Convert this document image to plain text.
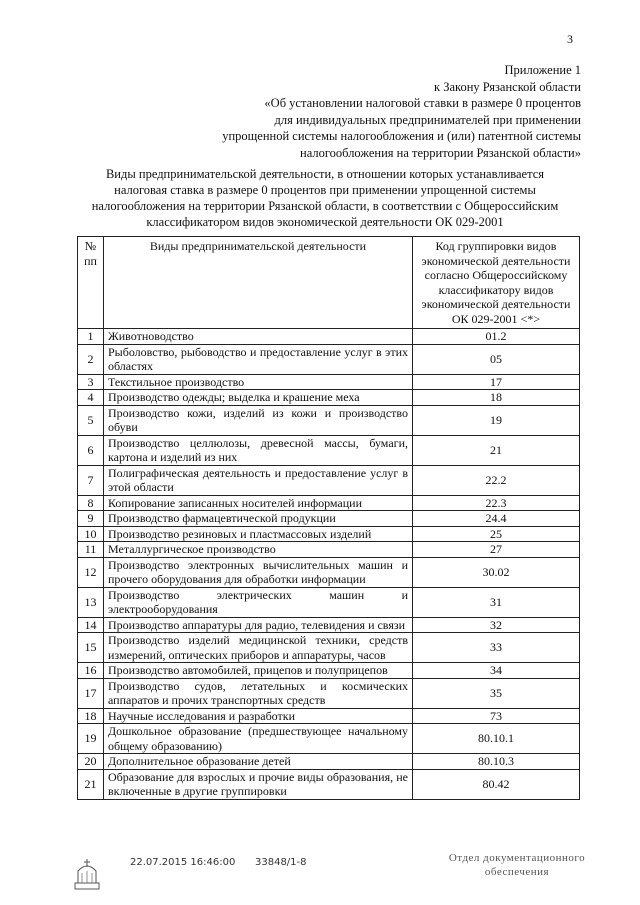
3
Приложение 1
к Закону Рязанской области
«Об установлении налоговой ставки в размере 0 процентов
для индивидуальных предпринимателей при применении
упрощенной системы налогообложения и (или) патентной системы
налогообложения на территории Рязанской области»
Виды предпринимательской деятельности, в отношении которых устанавливается
налоговая ставка в размере 0 процентов при применении упрощенной системы
налогообложения на территории Рязанской области, в соответствии с Общероссийским
классификатором видов экономической деятельности ОК 029-2001
№ пп	Виды предпринимательской деятельности	Код группировки видов экономической деятельности согласно Общероссийскому классификатору видов экономической деятельности ОК 029-2001 <*>
1	Животноводство	01.2
2	Рыболовство, рыбоводство и предоставление услуг в этих областях	05
3	Текстильное производство	17
4	Производство одежды; выделка и крашение меха	18
5	Производство кожи, изделий из кожи и производство обуви	19
6	Производство целлюлозы, древесной массы, бумаги, картона и изделий из них	21
7	Полиграфическая деятельность и предоставление услуг в этой области	22.2
8	Копирование записанных носителей информации	22.3
9	Производство фармацевтической продукции	24.4
10	Производство резиновых и пластмассовых изделий	25
11	Металлургическое производство	27
12	Производство электронных вычислительных машин и прочего оборудования для обработки информации	30.02
13	Производство электрических машин и электрооборудования	31
14	Производство аппаратуры для радио, телевидения и связи	32
15	Производство изделий медицинской техники, средств измерений, оптических приборов и аппаратуры, часов	33
16	Производство автомобилей, прицепов и полуприцепов	34
17	Производство судов, летательных и космических аппаратов и прочих транспортных средств	35
18	Научные исследования и разработки	73
19	Дошкольное образование (предшествующее начальному общему образованию)	80.10.1
20	Дополнительное образование детей	80.10.3
21	Образование для взрослых и прочие виды образования, не включенные в другие группировки	80.42
22.07.2015 16:46:00 33848/1-8	Отдел документационного
обеспечения
